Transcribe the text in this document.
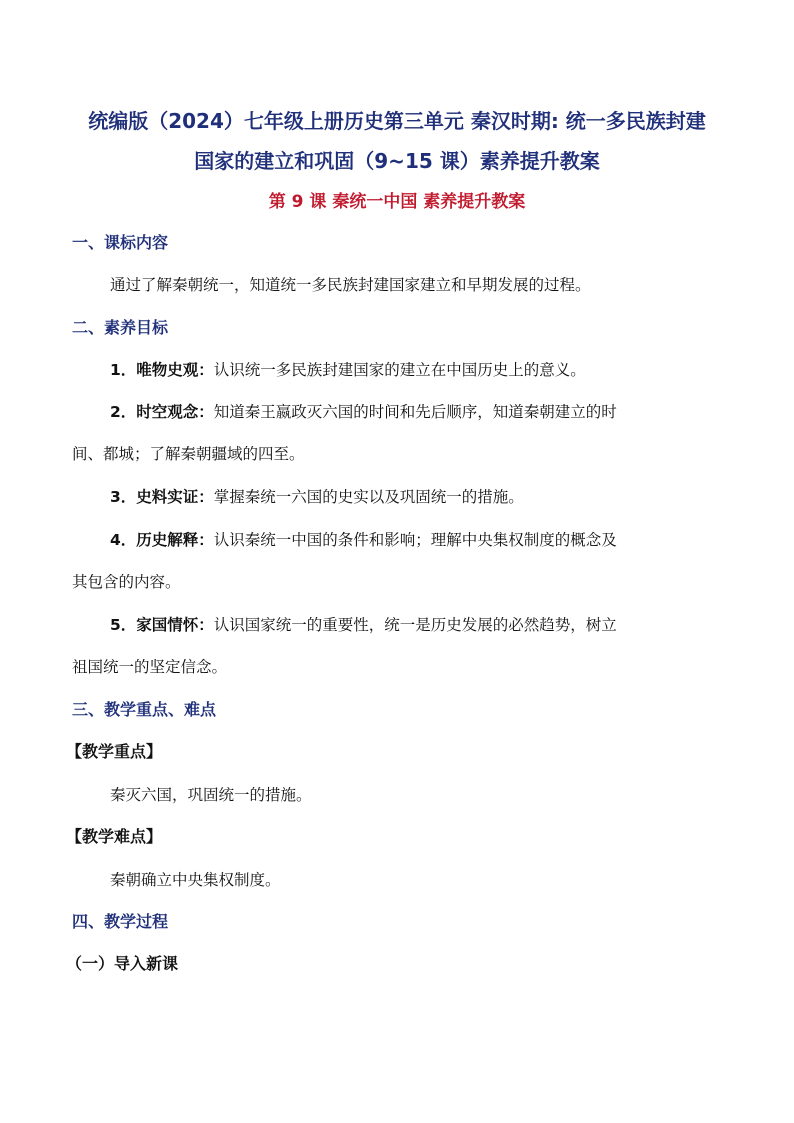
统编版（2024）七年级上册历史第三单元 秦汉时期: 统一多民族封建
国家的建立和巩固（9~15 课）素养提升教案
第 9 课 秦统一中国 素养提升教案
一、课标内容
通过了解秦朝统一，知道统一多民族封建国家建立和早期发展的过程。
二、素养目标
1．唯物史观：认识统一多民族封建国家的建立在中国历史上的意义。
2．时空观念：知道秦王嬴政灭六国的时间和先后顺序，知道秦朝建立的时
间、都城；了解秦朝疆域的四至。
3．史料实证：掌握秦统一六国的史实以及巩固统一的措施。
4．历史解释：认识秦统一中国的条件和影响；理解中央集权制度的概念及
其包含的内容。
5．家国情怀：认识国家统一的重要性，统一是历史发展的必然趋势，树立
祖国统一的坚定信念。
三、教学重点、难点
【教学重点】
秦灭六国，巩固统一的措施。
【教学难点】
秦朝确立中央集权制度。
四、教学过程
（一）导入新课
